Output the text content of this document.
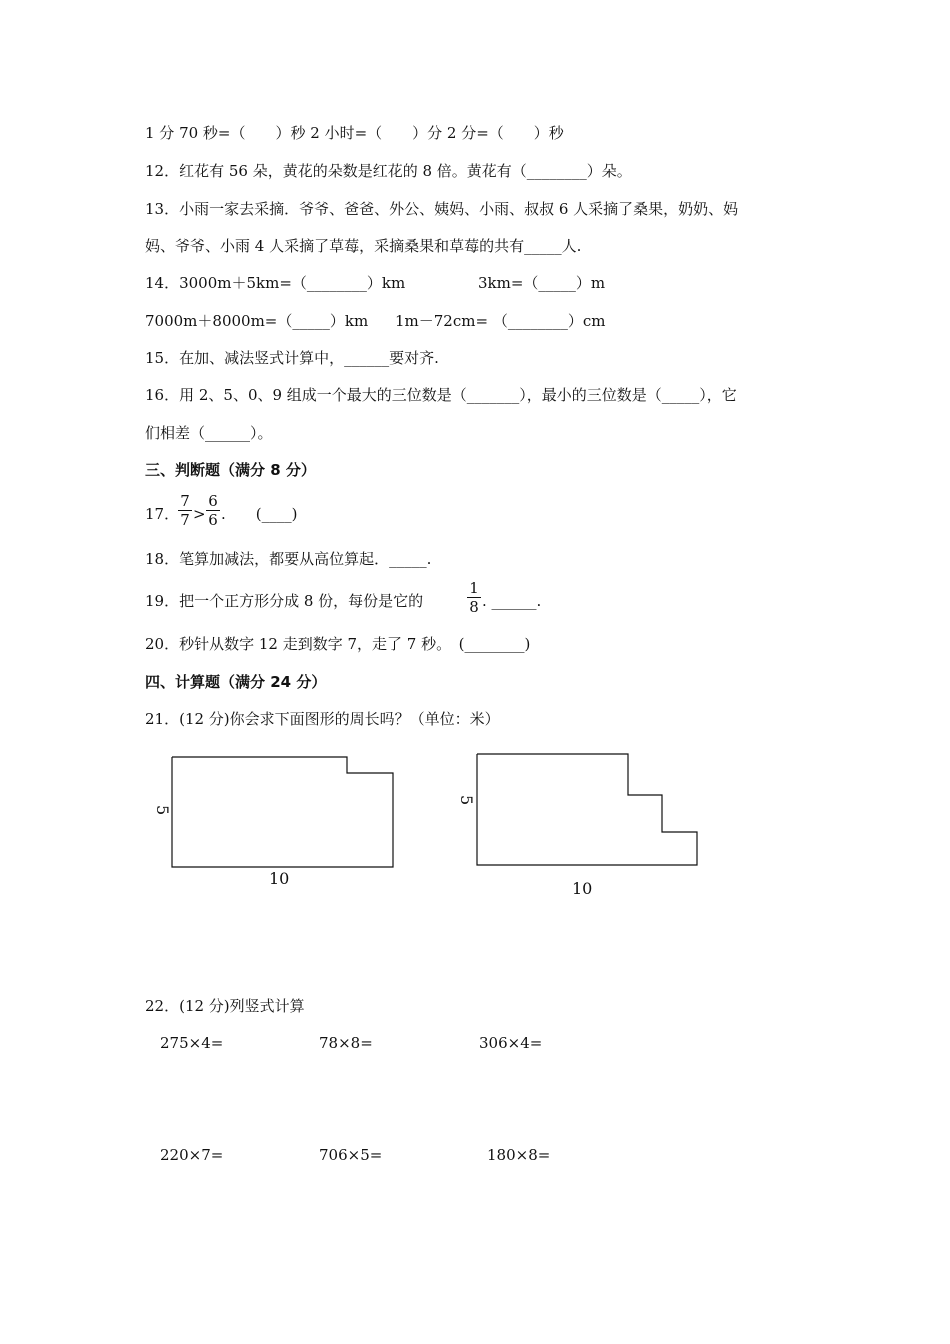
1 分 70 秒=（　　）秒 2 小时=（　　）分 2 分=（　　）秒
12．红花有 56 朵，黄花的朵数是红花的 8 倍。黄花有（________）朵。
13．小雨一家去采摘．爷爷、爸爸、外公、姨妈、小雨、叔叔 6 人采摘了桑果，奶奶、妈
妈、爷爷、小雨 4 人采摘了草莓，采摘桑果和草莓的共有_____人.
14．3000m＋5km=（________）km	3km=（_____）m
7000m＋8000m=（_____）km 1m－72cm= （________）cm
15．在加、减法竖式计算中，______要对齐.
16．用 2、5、0、9 组成一个最大的三位数是（_______），最小的三位数是（_____），它
们相差（______）。
三、判断题（满分 8 分）
17．
7
7 >
6
6 .　　(____)
18．笔算加减法，都要从高位算起．_____.
19．把一个正方形分成 8 份，每份是它的
1
8 . ______.
20．秒针从数字 12 走到数字 7，走了 7 秒。　(________)
四、计算题（满分 24 分）
21．(12 分)你会求下面图形的周长吗？（单位：米）
5
10
5
10
22．(12 分)列竖式计算
275×4=	78×8=	306×4=
220×7=	706×5=	180×8=
